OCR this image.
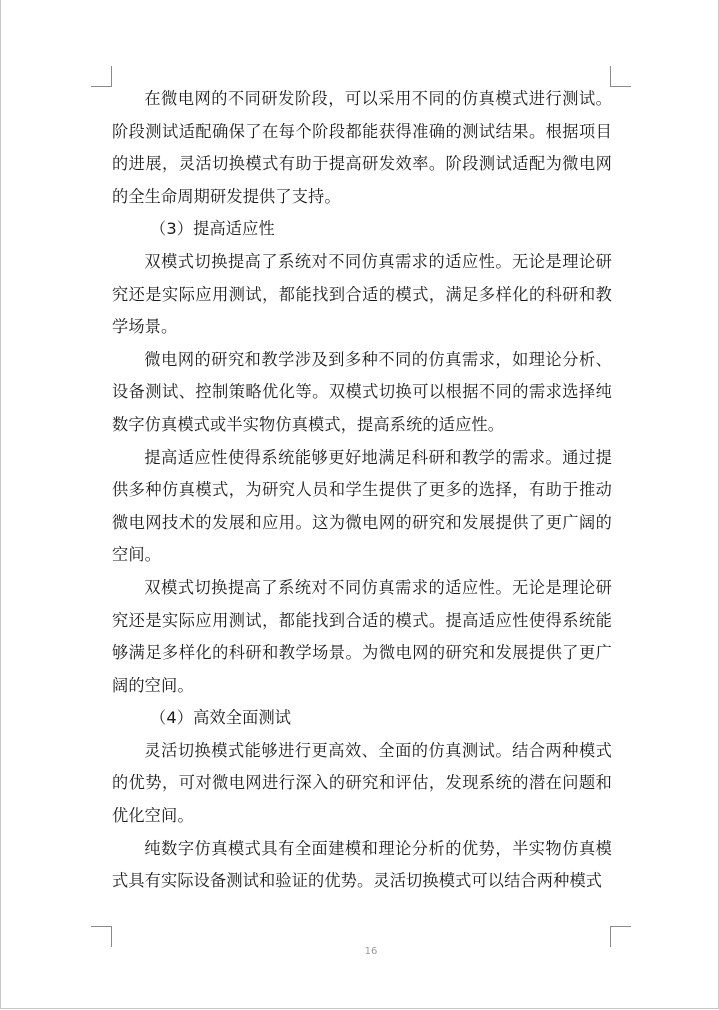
在微电网的不同研发阶段，可以采用不同的仿真模式进行测试。阶段测试适配确保了在每个阶段都能获得准确的测试结果。根据项目的进展，灵活切换模式有助于提高研发效率。阶段测试适配为微电网的全生命周期研发提供了支持。

（3）提高适应性

双模式切换提高了系统对不同仿真需求的适应性。无论是理论研究还是实际应用测试，都能找到合适的模式，满足多样化的科研和教学场景。

微电网的研究和教学涉及到多种不同的仿真需求，如理论分析、设备测试、控制策略优化等。双模式切换可以根据不同的需求选择纯数字仿真模式或半实物仿真模式，提高系统的适应性。

提高适应性使得系统能够更好地满足科研和教学的需求。通过提供多种仿真模式，为研究人员和学生提供了更多的选择，有助于推动微电网技术的发展和应用。这为微电网的研究和发展提供了更广阔的空间。

双模式切换提高了系统对不同仿真需求的适应性。无论是理论研究还是实际应用测试，都能找到合适的模式。提高适应性使得系统能够满足多样化的科研和教学场景。为微电网的研究和发展提供了更广阔的空间。

（4）高效全面测试

灵活切换模式能够进行更高效、全面的仿真测试。结合两种模式的优势，可对微电网进行深入的研究和评估，发现系统的潜在问题和优化空间。

纯数字仿真模式具有全面建模和理论分析的优势，半实物仿真模式具有实际设备测试和验证的优势。灵活切换模式可以结合两种模式

16
